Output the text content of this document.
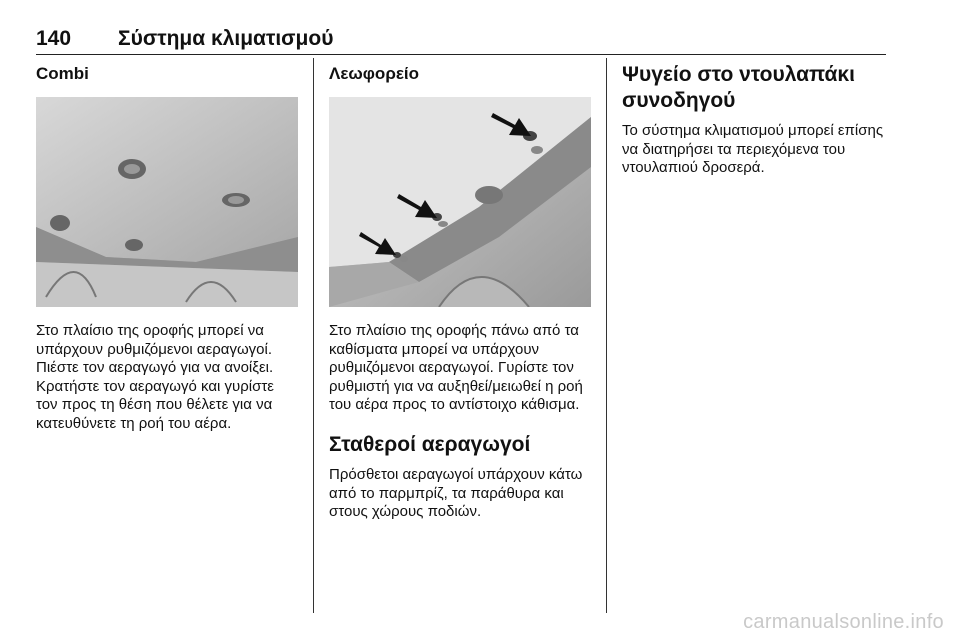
140 Σύστημα κλιματισμού
Combi

Στο πλαίσιο της οροφής μπορεί να υπάρχουν ρυθμιζόμενοι αεραγωγοί. Πιέστε τον αεραγωγό για να ανοίξει. Κρατήστε τον αεραγωγό και γυρίστε τον προς τη θέση που θέλετε για να κατευθύνετε τη ροή του αέρα.

Λεωφορείο

Στο πλαίσιο της οροφής πάνω από τα καθίσματα μπορεί να υπάρχουν ρυθμιζόμενοι αεραγωγοί. Γυρίστε τον ρυθμιστή για να αυξηθεί/μειωθεί η ροή του αέρα προς το αντίστοιχο κάθισμα.

Σταθεροί αεραγωγοί

Πρόσθετοι αεραγωγοί υπάρχουν κάτω από το παρμπρίζ, τα παράθυρα και στους χώρους ποδιών.

Ψυγείο στο ντουλαπάκι συνοδηγού

Το σύστημα κλιματισμού μπορεί επίσης να διατηρήσει τα περιεχόμενα του ντουλαπιού δροσερά.

carmanualsonline.info
